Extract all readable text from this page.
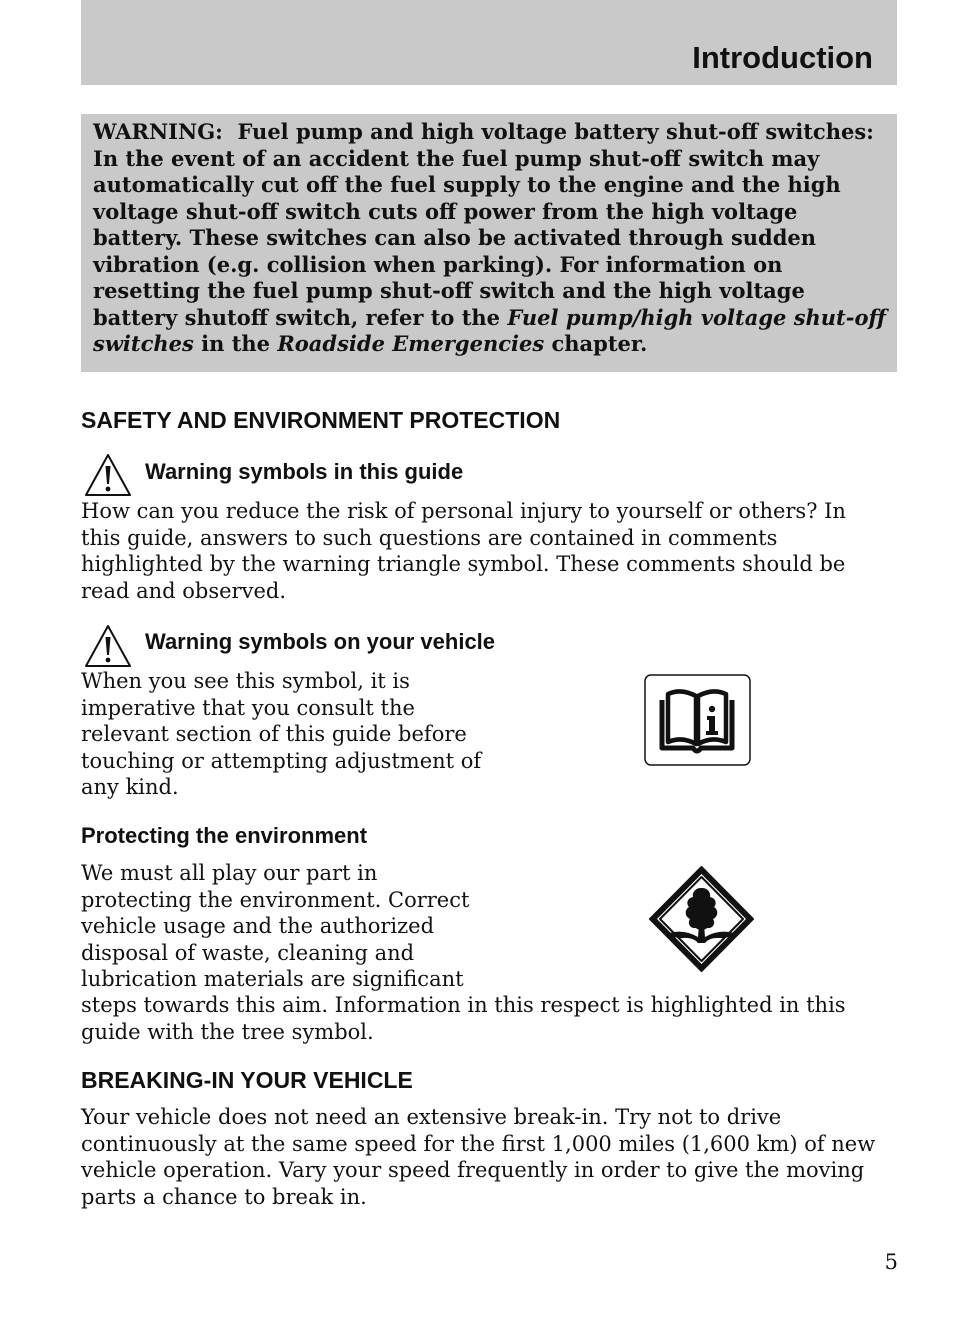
Introduction
WARNING: Fuel pump and high voltage battery shut-off switches: In the event of an accident the fuel pump shut-off switch may automatically cut off the fuel supply to the engine and the high voltage shut-off switch cuts off power from the high voltage battery. These switches can also be activated through sudden vibration (e.g. collision when parking). For information on resetting the fuel pump shut-off switch and the high voltage battery shutoff switch, refer to the Fuel pump/high voltage shut-off switches in the Roadside Emergencies chapter.
SAFETY AND ENVIRONMENT PROTECTION
Warning symbols in this guide
How can you reduce the risk of personal injury to yourself or others? In this guide, answers to such questions are contained in comments highlighted by the warning triangle symbol. These comments should be read and observed.
Warning symbols on your vehicle
When you see this symbol, it is imperative that you consult the relevant section of this guide before touching or attempting adjustment of any kind.
Protecting the environment
We must all play our part in protecting the environment. Correct vehicle usage and the authorized disposal of waste, cleaning and lubrication materials are significant
steps towards this aim. Information in this respect is highlighted in this guide with the tree symbol.
BREAKING-IN YOUR VEHICLE
Your vehicle does not need an extensive break-in. Try not to drive continuously at the same speed for the first 1,000 miles (1,600 km) of new vehicle operation. Vary your speed frequently in order to give the moving parts a chance to break in.
5
